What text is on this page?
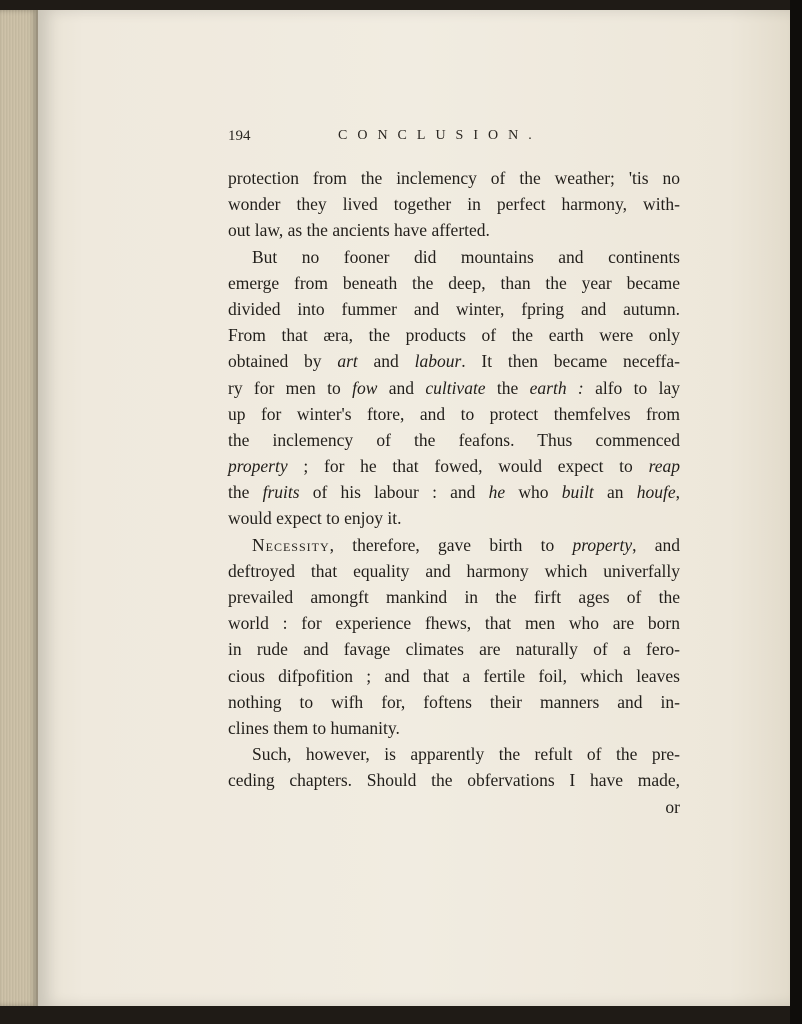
194	CONCLUSION.
protection from the inclemency of the weather; 'tis no
wonder they lived together in perfect harmony, with-
out law, as the ancients have afferted.
But no fooner did mountains and continents
emerge from beneath the deep, than the year became
divided into fummer and winter, fpring and autumn.
From that æra, the products of the earth were only
obtained by art and labour. It then became neceffa-
ry for men to fow and cultivate the earth : alfo to lay
up for winter's ftore, and to protect themfelves from
the inclemency of the feafons. Thus commenced
property ; for he that fowed, would expect to reap
the fruits of his labour : and he who built an houfe,
would expect to enjoy it.
Necessity, therefore, gave birth to property, and
deftroyed that equality and harmony which univerfally
prevailed amongft mankind in the firft ages of the
world : for experience fhews, that men who are born
in rude and favage climates are naturally of a fero-
cious difpofition ; and that a fertile foil, which leaves
nothing to wifh for, foftens their manners and in-
clines them to humanity.
Such, however, is apparently the refult of the pre-
ceding chapters. Should the obfervations I have made,
or
